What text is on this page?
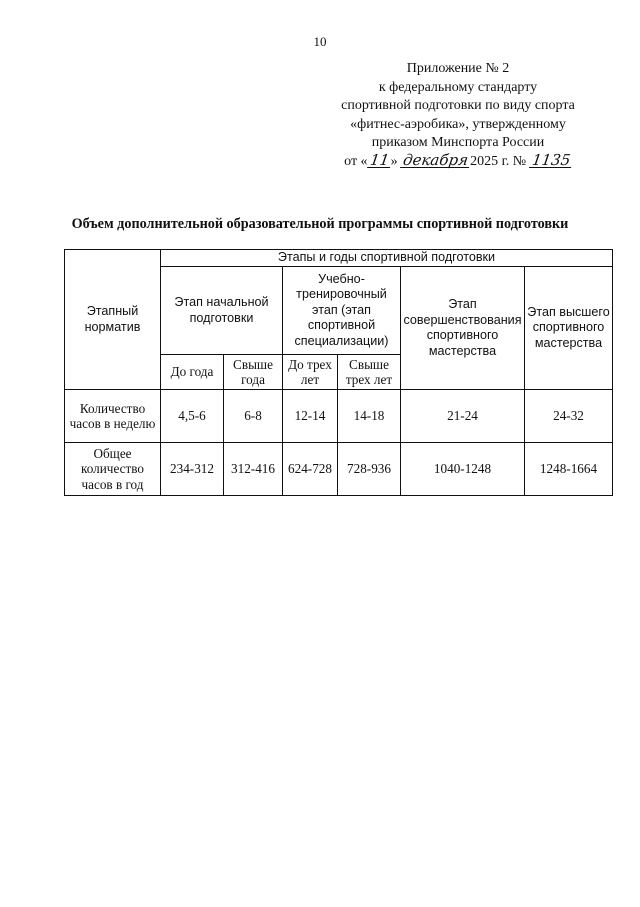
10
Приложение № 2
к федеральному стандарту
спортивной подготовки по виду спорта
«фитнес-аэробика», утвержденному
приказом Минспорта России
от «11» декабря2025 г. № 1135
Объем дополнительной образовательной программы спортивной подготовки
Этапный норматив	Этапы и годы спортивной подготовки					
	Этап начальной подготовки		Учебно-тренировочный этап (этап спортивной специализации)		Этап совершенствования спортивного мастерства	Этап высшего спортивного мастерства
	До года	Свыше года	До трех лет	Свыше трех лет		
Количество часов в неделю	4,5-6	6-8	12-14	14-18	21-24	24-32
Общее количество часов в год	234-312	312-416	624-728	728-936	1040-1248	1248-1664
